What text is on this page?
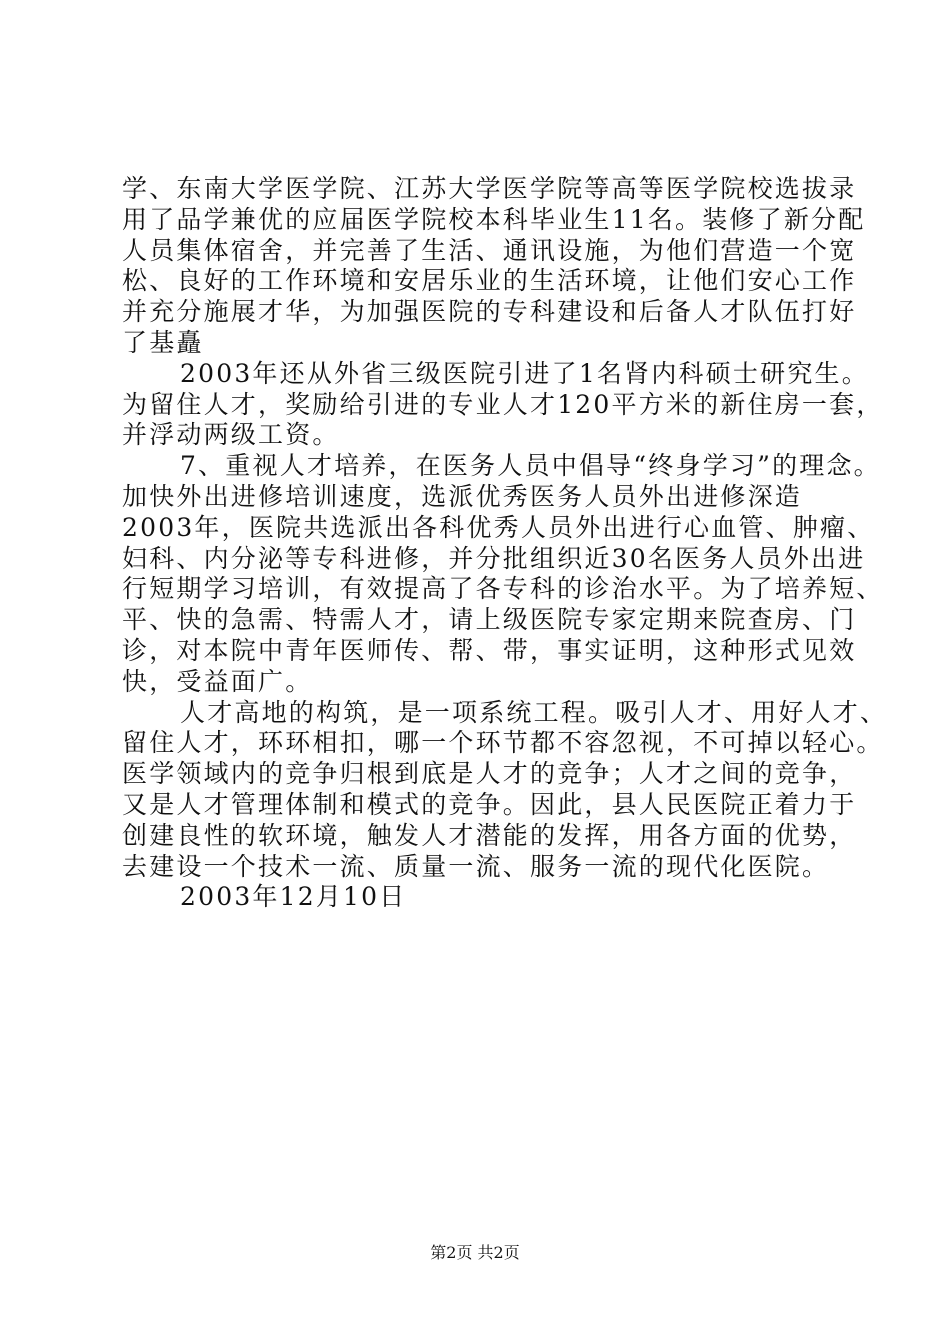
学、东南大学医学院、江苏大学医学院等高等医学院校选拔录
用了品学兼优的应届医学院校本科毕业生11名。装修了新分配
人员集体宿舍，并完善了生活、通讯设施，为他们营造一个宽
松、良好的工作环境和安居乐业的生活环境，让他们安心工作
并充分施展才华，为加强医院的专科建设和后备人才队伍打好
了基矗
2003年还从外省三级医院引进了1名肾内科硕士研究生。
为留住人才，奖励给引进的专业人才120平方米的新住房一套，
并浮动两级工资。
7、重视人才培养，在医务人员中倡导“终身学习”的理念。
加快外出进修培训速度，选派优秀医务人员外出进修深造
2003年，医院共选派出各科优秀人员外出进行心血管、肿瘤、
妇科、内分泌等专科进修，并分批组织近30名医务人员外出进
行短期学习培训，有效提高了各专科的诊治水平。为了培养短、
平、快的急需、特需人才，请上级医院专家定期来院查房、门
诊，对本院中青年医师传、帮、带，事实证明，这种形式见效
快，受益面广。
人才高地的构筑，是一项系统工程。吸引人才、用好人才、
留住人才，环环相扣，哪一个环节都不容忽视，不可掉以轻心。
医学领域内的竞争归根到底是人才的竞争；人才之间的竞争，
又是人才管理体制和模式的竞争。因此，县人民医院正着力于
创建良性的软环境，触发人才潜能的发挥，用各方面的优势，
去建设一个技术一流、质量一流、服务一流的现代化医院。
2003年12月10日
第2页 共2页
